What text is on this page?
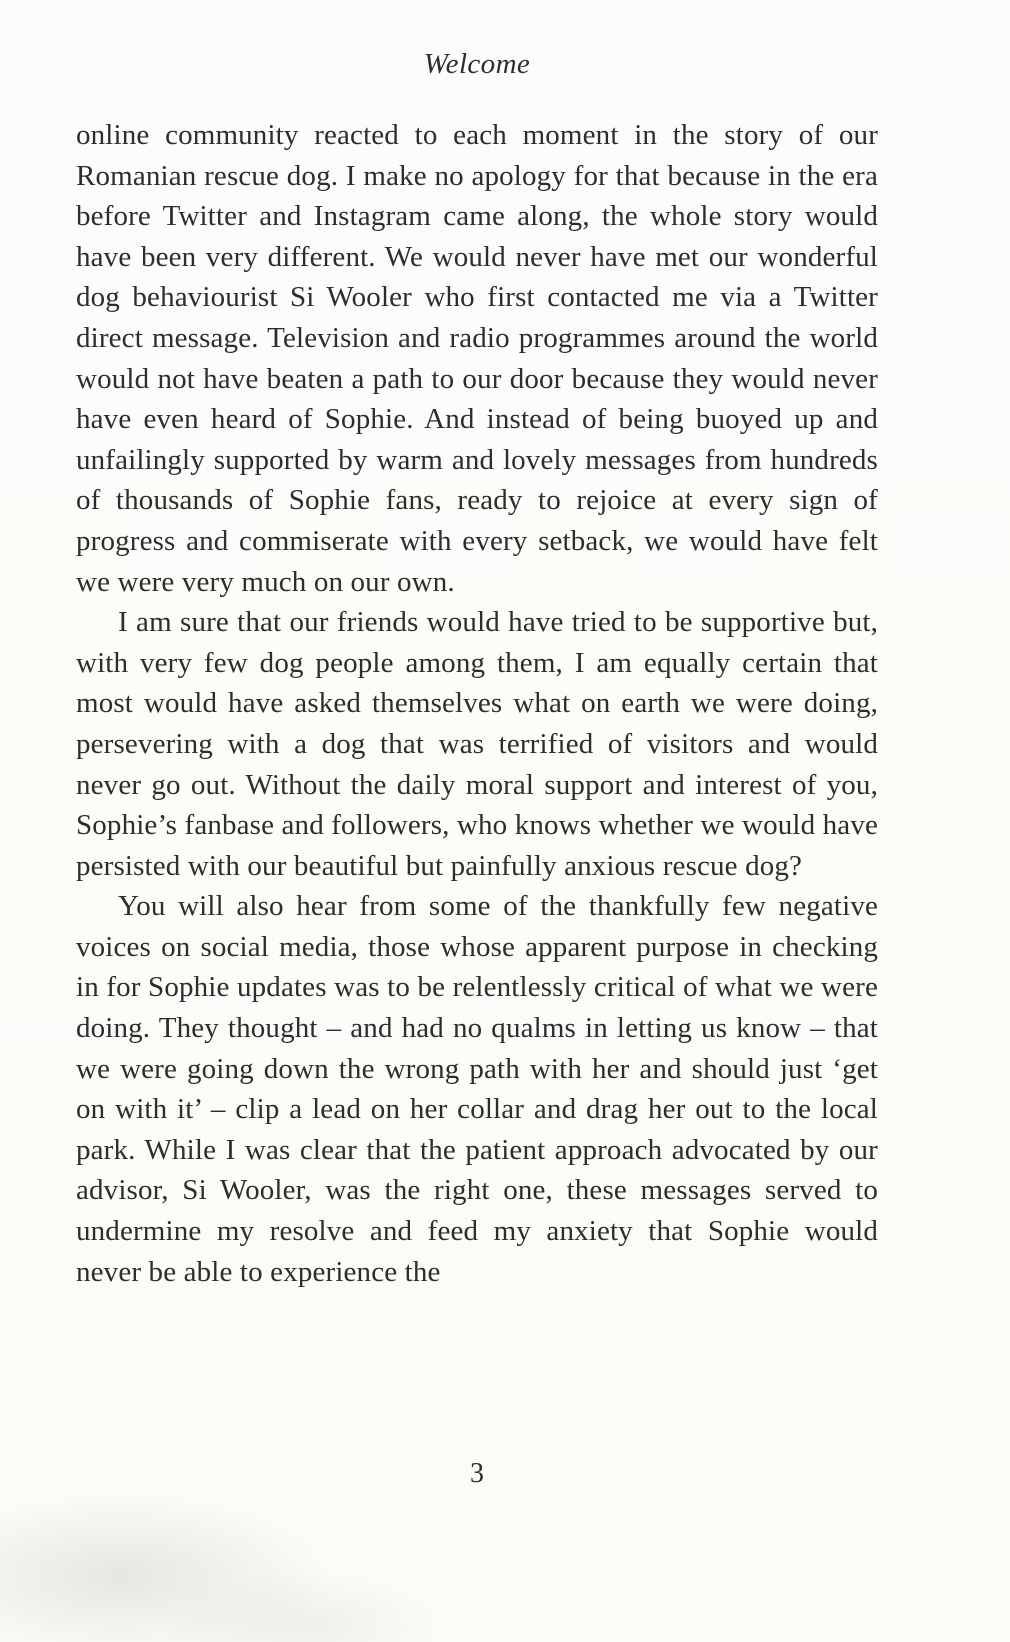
Welcome

online community reacted to each moment in the story of our Romanian rescue dog. I make no apology for that because in the era before Twitter and Instagram came along, the whole story would have been very different. We would never have met our wonderful dog behaviourist Si Wooler who first contacted me via a Twitter direct message. Television and radio programmes around the world would not have beaten a path to our door because they would never have even heard of Sophie. And instead of being buoyed up and unfailingly supported by warm and lovely messages from hundreds of thousands of Sophie fans, ready to rejoice at every sign of progress and commiserate with every setback, we would have felt we were very much on our own.

I am sure that our friends would have tried to be supportive but, with very few dog people among them, I am equally certain that most would have asked themselves what on earth we were doing, persevering with a dog that was terrified of visitors and would never go out. Without the daily moral support and interest of you, Sophie’s fanbase and followers, who knows whether we would have persisted with our beautiful but painfully anxious rescue dog?

You will also hear from some of the thankfully few negative voices on social media, those whose apparent purpose in checking in for Sophie updates was to be relentlessly critical of what we were doing. They thought – and had no qualms in letting us know – that we were going down the wrong path with her and should just ‘get on with it’ – clip a lead on her collar and drag her out to the local park. While I was clear that the patient approach advocated by our advisor, Si Wooler, was the right one, these messages served to undermine my resolve and feed my anxiety that Sophie would never be able to experience the

3
